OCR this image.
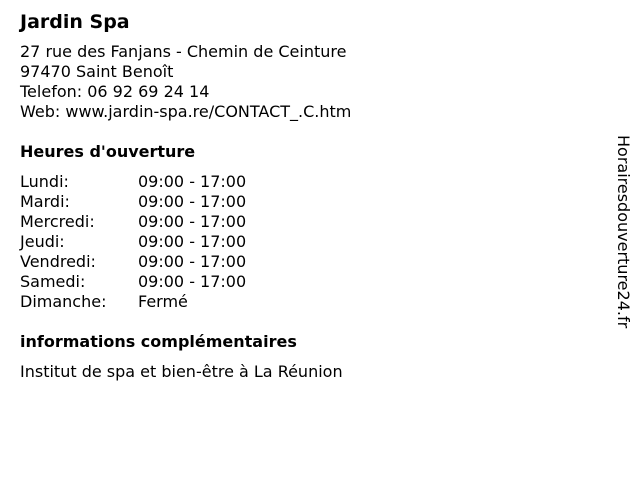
Jardin Spa
27 rue des Fanjans - Chemin de Ceinture
97470 Saint Benoît
Telefon: 06 92 69 24 14
Web: www.jardin-spa.re/CONTACT_.C.htm
Heures d'ouverture
Lundi:	09:00 - 17:00
Mardi:	09:00 - 17:00
Mercredi:	09:00 - 17:00
Jeudi:	09:00 - 17:00
Vendredi:	09:00 - 17:00
Samedi:	09:00 - 17:00
Dimanche:	Fermé
informations complémentaires
Institut de spa et bien-être à La Réunion
Horairesdouverture24.fr
